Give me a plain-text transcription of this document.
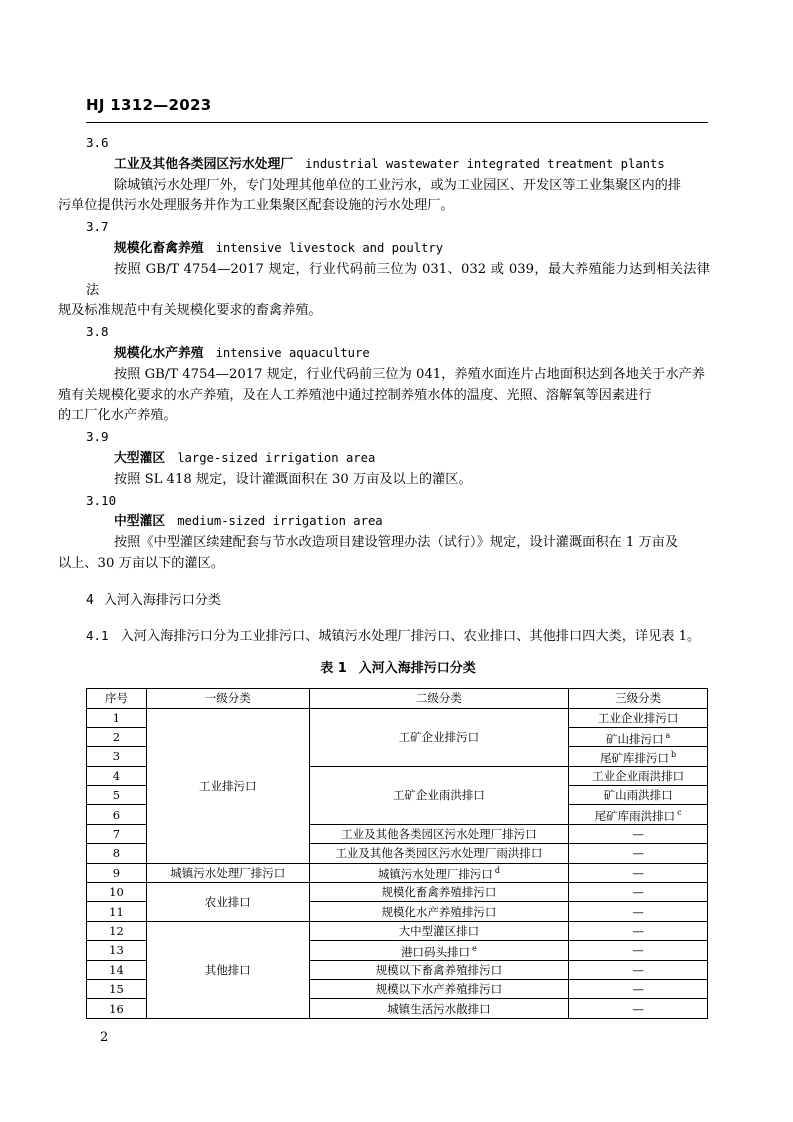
HJ 1312—2023
3.6
工业及其他各类园区污水处理厂 industrial wastewater integrated treatment plants
除城镇污水处理厂外，专门处理其他单位的工业污水，或为工业园区、开发区等工业集聚区内的排
污单位提供污水处理服务并作为工业集聚区配套设施的污水处理厂。
3.7
规模化畜禽养殖 intensive livestock and poultry
按照 GB/T 4754—2017 规定，行业代码前三位为 031、032 或 039，最大养殖能力达到相关法律法
规及标准规范中有关规模化要求的畜禽养殖。
3.8
规模化水产养殖 intensive aquaculture
按照 GB/T 4754—2017 规定，行业代码前三位为 041，养殖水面连片占地面积达到各地关于水产养
殖有关规模化要求的水产养殖，及在人工养殖池中通过控制养殖水体的温度、光照、溶解氧等因素进行
的工厂化水产养殖。
3.9
大型灌区 large-sized irrigation area
按照 SL 418 规定，设计灌溉面积在 30 万亩及以上的灌区。
3.10
中型灌区 medium-sized irrigation area
按照《中型灌区续建配套与节水改造项目建设管理办法（试行）》规定，设计灌溉面积在 1 万亩及
以上、30 万亩以下的灌区。
4 入河入海排污口分类
4.1 入河入海排污口分为工业排污口、城镇污水处理厂排污口、农业排口、其他排口四大类，详见表 1。
表 1 入河入海排污口分类
序号	一级分类	二级分类	三级分类
1	工业排污口	工矿企业排污口	工业企业排污口
2			矿山排污口 $^a$
3			尾矿库排污口 $^b$
4		工矿企业雨洪排口	工业企业雨洪排口
5			矿山雨洪排口
6			尾矿库雨洪排口 $^c$
7		工业及其他各类园区污水处理厂排污口	—
8		工业及其他各类园区污水处理厂雨洪排口	—
9	城镇污水处理厂排污口	城镇污水处理厂排污口 $^d$	—
10	农业排口	规模化畜禽养殖排污口	—
11		规模化水产养殖排污口	—
12	其他排口	大中型灌区排口	—
13		港口码头排口 $^e$	—
14		规模以下畜禽养殖排污口	—
15		规模以下水产养殖排污口	—
16		城镇生活污水散排口	—
2
